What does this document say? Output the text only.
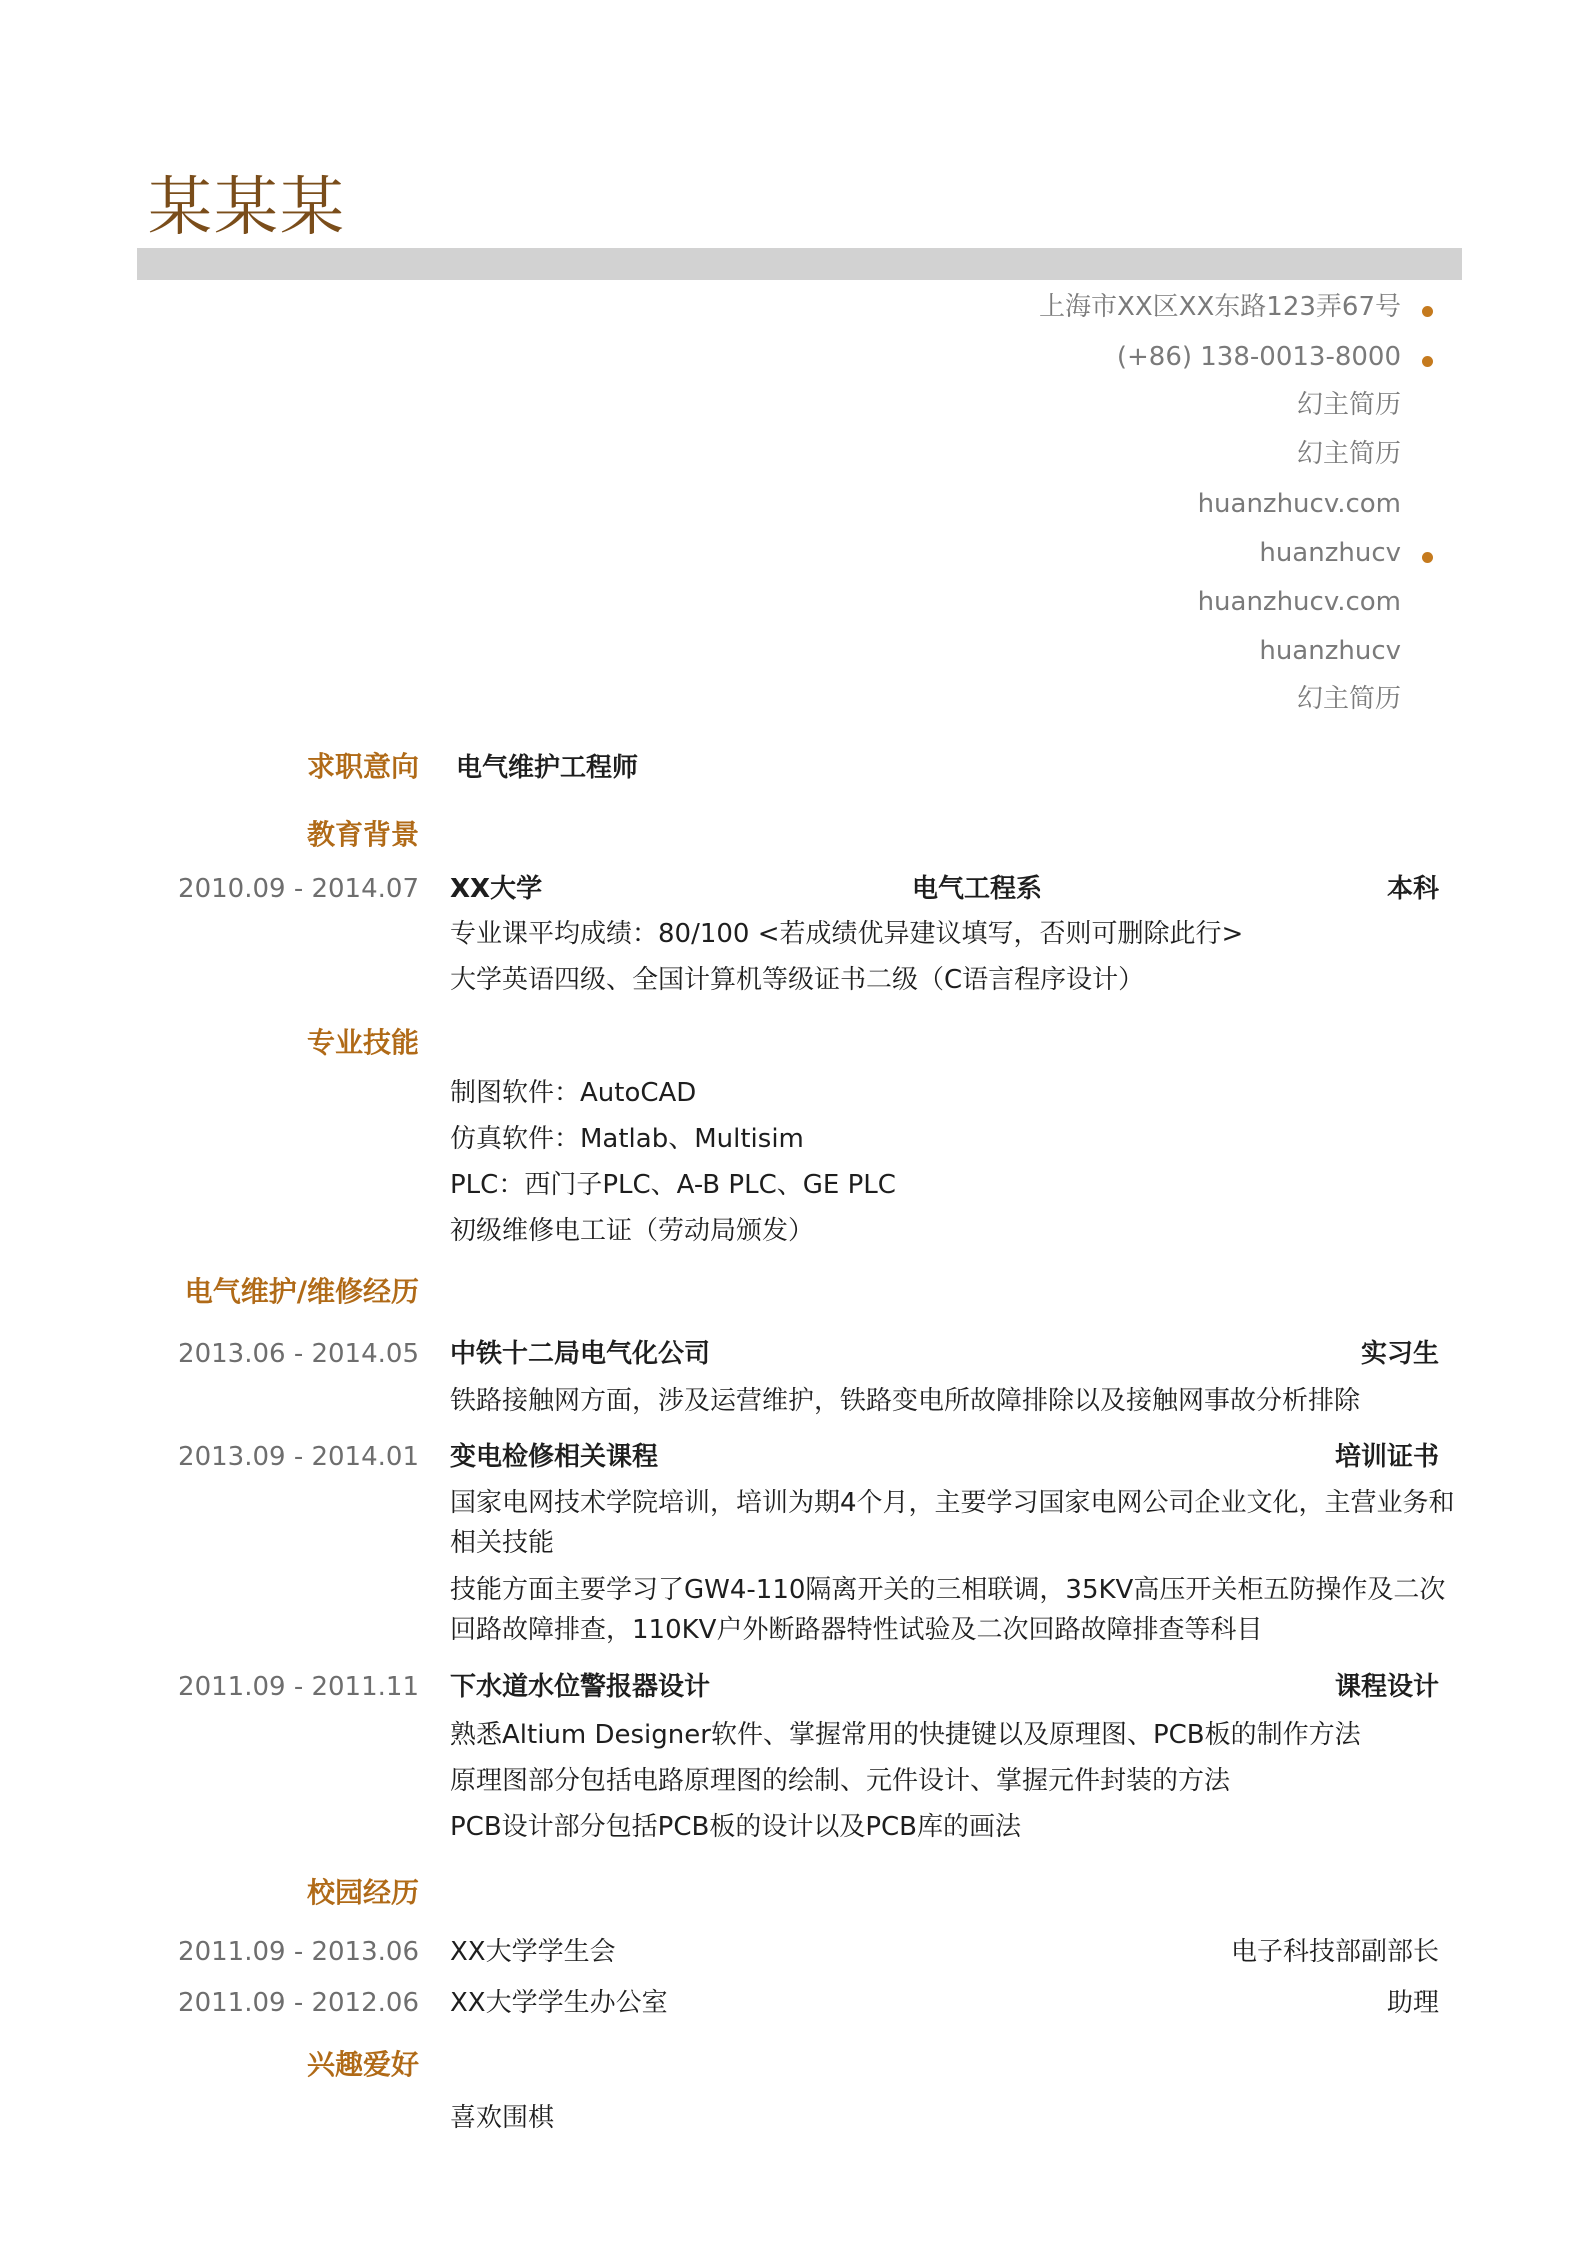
某某某
上海市XX区XX东路123弄67号
(+86) 138-0013-8000
幻主简历
幻主简历
huanzhucv.com
huanzhucv
huanzhucv.com
huanzhucv
幻主简历
求职意向 电气维护工程师
教育背景
2010.09 - 2014.07 XX大学	电气工程系	本科
专业课平均成绩：80/100 <若成绩优异建议填写，否则可删除此行>
大学英语四级、全国计算机等级证书二级（C语言程序设计）
专业技能
制图软件：AutoCAD
仿真软件：Matlab、Multisim
PLC：西门子PLC、A-B PLC、GE PLC
初级维修电工证（劳动局颁发）
电气维护/维修经历
2013.06 - 2014.05 中铁十二局电气化公司	实习生
铁路接触网方面，涉及运营维护，铁路变电所故障排除以及接触网事故分析排除
2013.09 - 2014.01 变电检修相关课程	培训证书
国家电网技术学院培训，培训为期4个月，主要学习国家电网公司企业文化，主营业务和相关技能
技能方面主要学习了GW4-110隔离开关的三相联调，35KV高压开关柜五防操作及二次回路故障排查，110KV户外断路器特性试验及二次回路故障排查等科目
2011.09 - 2011.11 下水道水位警报器设计	课程设计
熟悉Altium Designer软件、掌握常用的快捷键以及原理图、PCB板的制作方法
原理图部分包括电路原理图的绘制、元件设计、掌握元件封装的方法
PCB设计部分包括PCB板的设计以及PCB库的画法
校园经历
2011.09 - 2013.06 XX大学学生会	电子科技部副部长
2011.09 - 2012.06 XX大学学生办公室	助理
兴趣爱好
喜欢围棋
